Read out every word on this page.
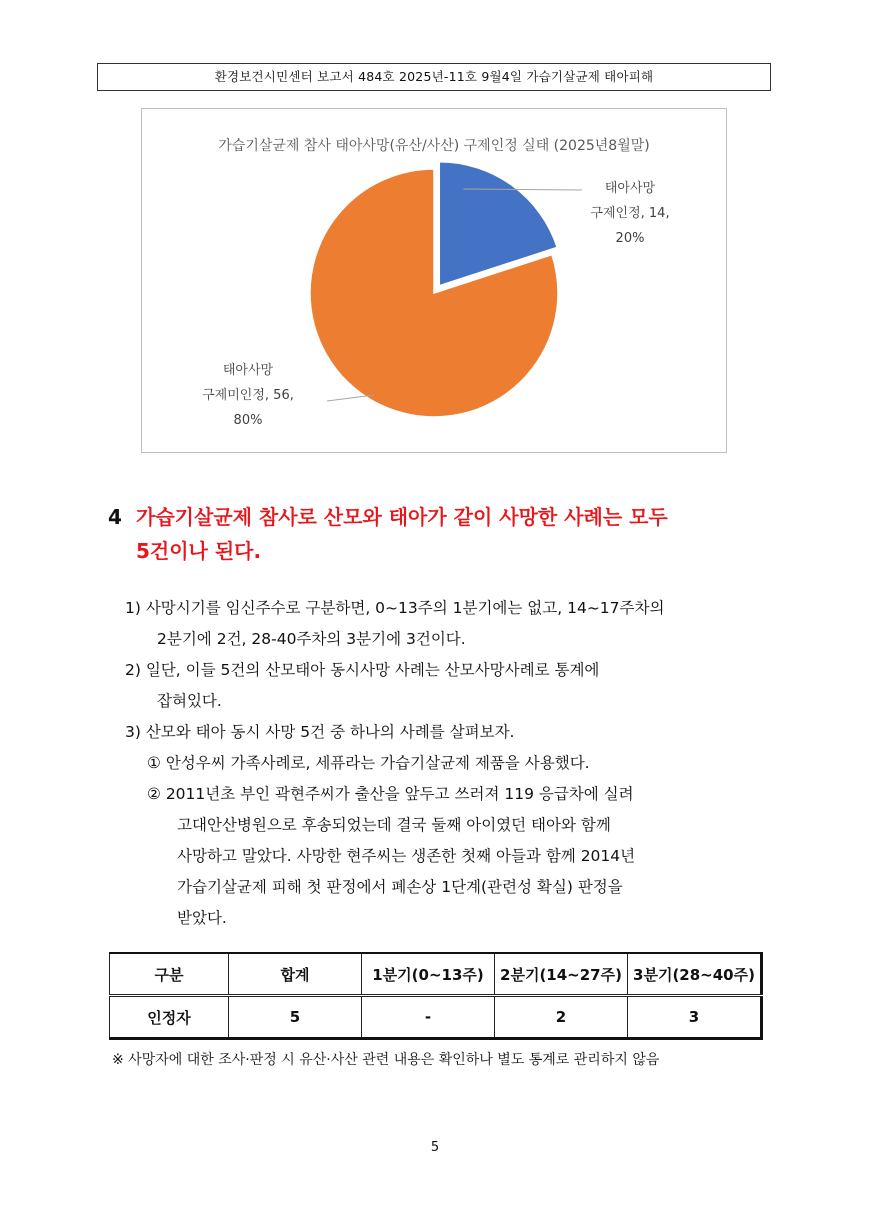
환경보건시민센터 보고서 484호 2025년-11호 9월4일 가습기살균제 태아피해
가습기살균제 참사 태아사망(유산/사산) 구제인정 실태 (2025년8월말)
태아사망
구제인정, 14,
20%
태아사망
구제미인정, 56,
80%
4 가습기살균제 참사로 산모와 태아가 같이 사망한 사례는 모두
5건이나 된다.
1) 사망시기를 임신주수로 구분하면, 0~13주의 1분기에는 없고, 14~17주차의
2분기에 2건, 28-40주차의 3분기에 3건이다.
2) 일단, 이들 5건의 산모태아 동시사망 사례는 산모사망사례로 통계에
잡혀있다.
3) 산모와 태아 동시 사망 5건 중 하나의 사례를 살펴보자.
① 안성우씨 가족사례로, 세퓨라는 가습기살균제 제품을 사용했다.
② 2011년초 부인 곽현주씨가 출산을 앞두고 쓰러져 119 응급차에 실려
고대안산병원으로 후송되었는데 결국 둘째 아이였던 태아와 함께
사망하고 말았다. 사망한 현주씨는 생존한 첫째 아들과 함께 2014년
가습기살균제 피해 첫 판정에서 폐손상 1단계(관련성 확실) 판정을
받았다.
구분	합계	1분기(0~13주)	2분기(14~27주)	3분기(28~40주)
인정자	5	-	2	3
※ 사망자에 대한 조사·판정 시 유산·사산 관련 내용은 확인하나 별도 통계로 관리하지 않음
5
